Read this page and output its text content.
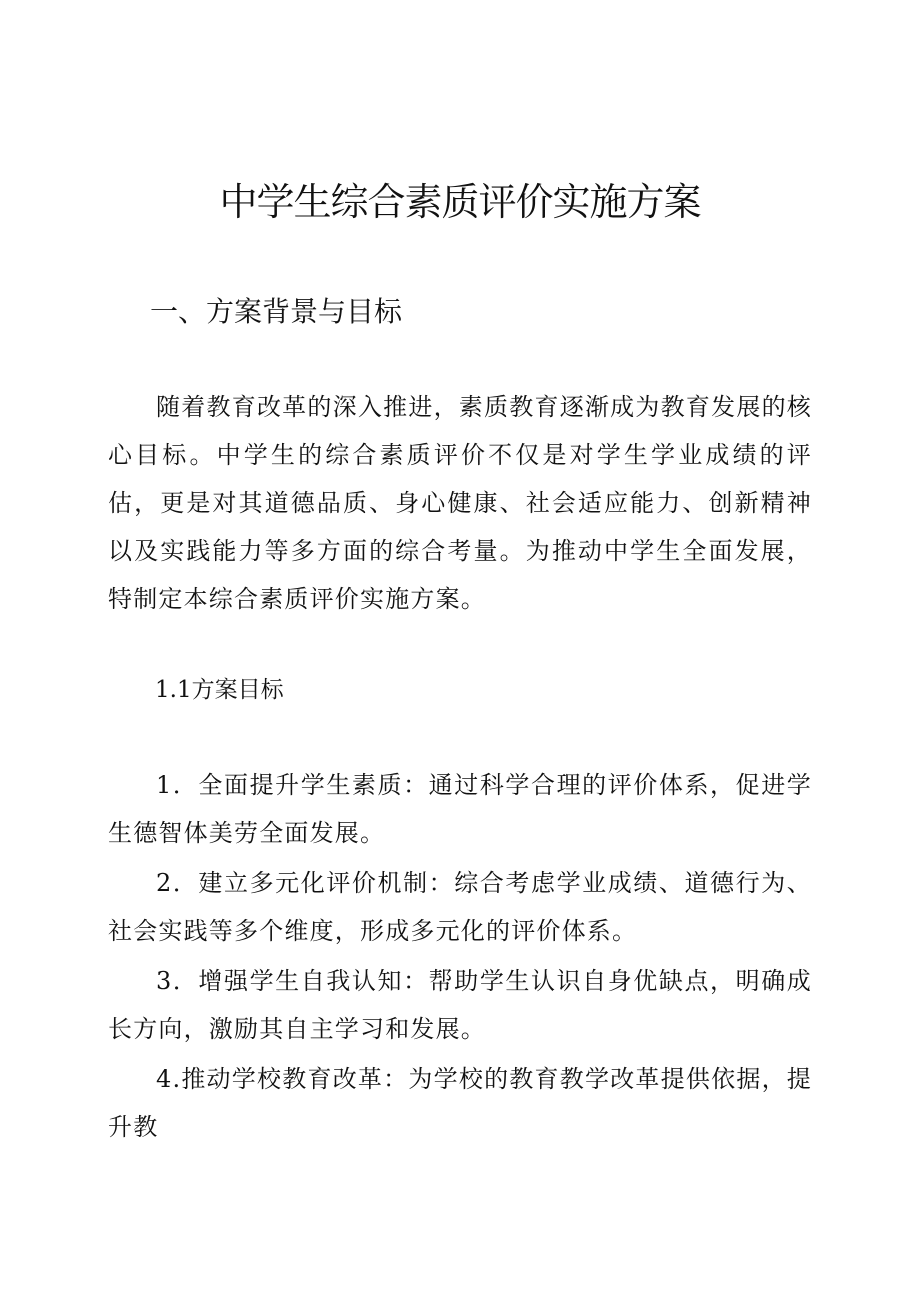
中学生综合素质评价实施方案
一、方案背景与目标

随着教育改革的深入推进，素质教育逐渐成为教育发展的核心目标。中学生的综合素质评价不仅是对学生学业成绩的评估，更是对其道德品质、身心健康、社会适应能力、创新精神以及实践能力等多方面的综合考量。为推动中学生全面发展，特制定本综合素质评价实施方案。

1.1方案目标

1．全面提升学生素质：通过科学合理的评价体系，促进学生德智体美劳全面发展。

2．建立多元化评价机制：综合考虑学业成绩、道德行为、社会实践等多个维度，形成多元化的评价体系。

3．增强学生自我认知：帮助学生认识自身优缺点，明确成长方向，激励其自主学习和发展。

4.推动学校教育改革：为学校的教育教学改革提供依据，提升教
